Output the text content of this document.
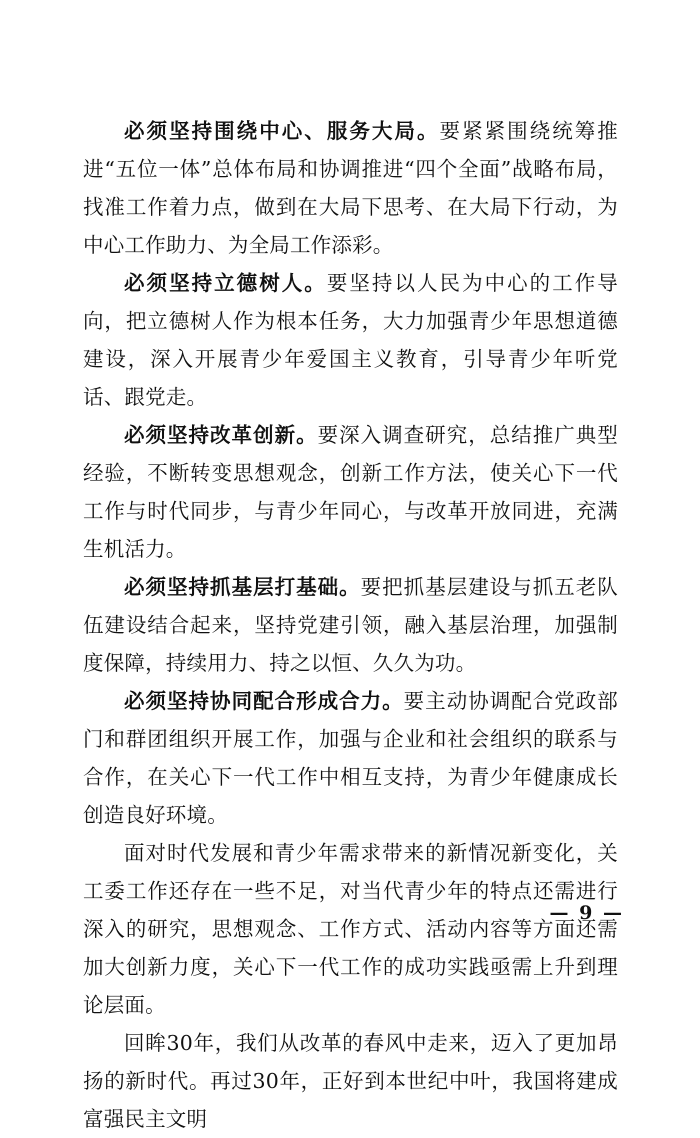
必须坚持围绕中心、服务大局。要紧紧围绕统筹推进“五位一体”总体布局和协调推进“四个全面”战略布局，找准工作着力点，做到在大局下思考、在大局下行动，为中心工作助力、为全局工作添彩。

必须坚持立德树人。要坚持以人民为中心的工作导向，把立德树人作为根本任务，大力加强青少年思想道德建设，深入开展青少年爱国主义教育，引导青少年听党话、跟党走。

必须坚持改革创新。要深入调查研究，总结推广典型经验，不断转变思想观念，创新工作方法，使关心下一代工作与时代同步，与青少年同心，与改革开放同进，充满生机活力。

必须坚持抓基层打基础。要把抓基层建设与抓五老队伍建设结合起来，坚持党建引领，融入基层治理，加强制度保障，持续用力、持之以恒、久久为功。

必须坚持协同配合形成合力。要主动协调配合党政部门和群团组织开展工作，加强与企业和社会组织的联系与合作，在关心下一代工作中相互支持，为青少年健康成长创造良好环境。

面对时代发展和青少年需求带来的新情况新变化，关工委工作还存在一些不足，对当代青少年的特点还需进行深入的研究，思想观念、工作方式、活动内容等方面还需加大创新力度，关心下一代工作的成功实践亟需上升到理论层面。

回眸30年，我们从改革的春风中走来，迈入了更加昂扬的新时代。再过30年，正好到本世纪中叶，我国将建成富强民主文明

— 9 —
